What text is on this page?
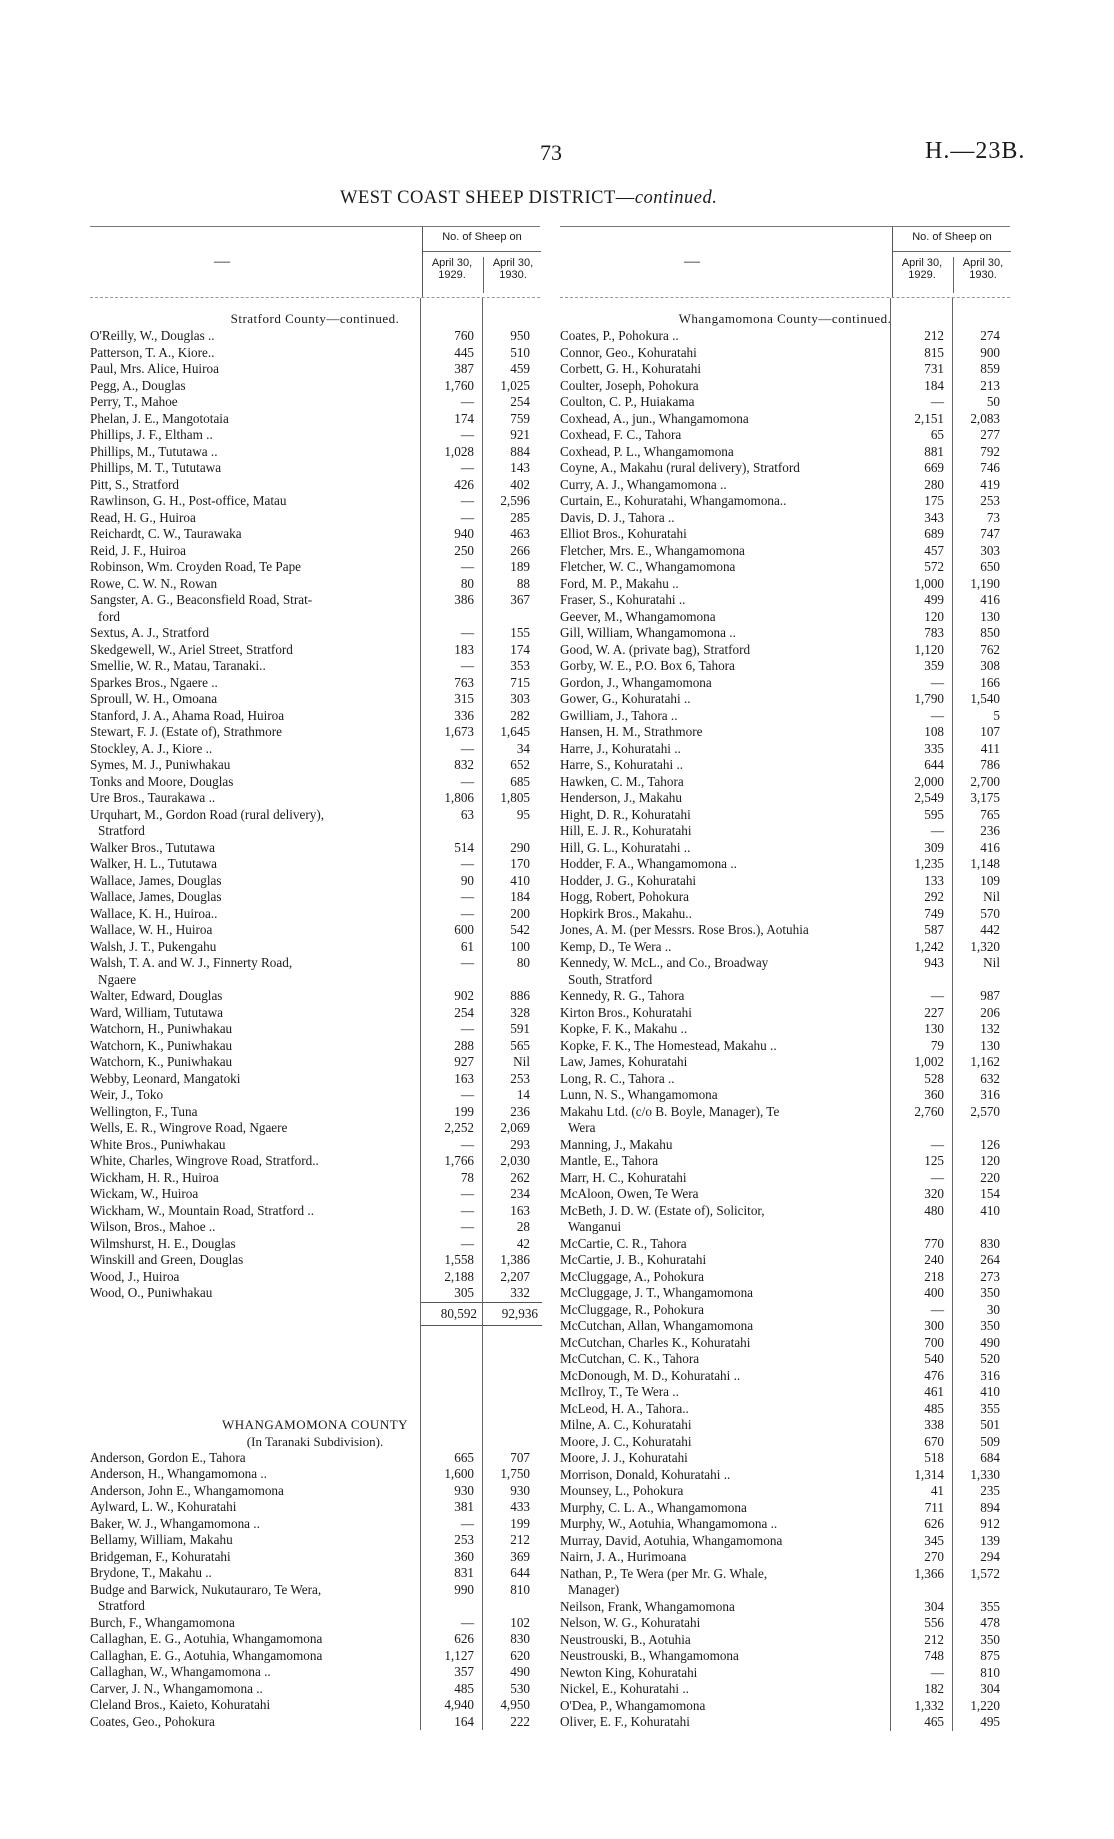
73	H.—23B.
WEST COAST SHEEP DISTRICT—continued.
—
No. of Sheep on
April 30, 1929.
April 30, 1930.
Stratford County—continued.
O'Reilly, W., Douglas ..	760	950
Patterson, T. A., Kiore..	445	510
Paul, Mrs. Alice, Huiroa	387	459
Pegg, A., Douglas	1,760	1,025
Perry, T., Mahoe	—	254
Phelan, J. E., Mangototaia	174	759
Phillips, J. F., Eltham ..	—	921
Phillips, M., Tututawa ..	1,028	884
Phillips, M. T., Tututawa	—	143
Pitt, S., Stratford	426	402
Rawlinson, G. H., Post-office, Matau	—	2,596
Read, H. G., Huiroa	—	285
Reichardt, C. W., Taurawaka	940	463
Reid, J. F., Huiroa	250	266
Robinson, Wm. Croyden Road, Te Pape	—	189
Rowe, C. W. N., Rowan	80	88
Sangster, A. G., Beaconsfield Road, Strat-	386	367
ford
Sextus, A. J., Stratford	—	155
Skedgewell, W., Ariel Street, Stratford	183	174
Smellie, W. R., Matau, Taranaki..	—	353
Sparkes Bros., Ngaere ..	763	715
Sproull, W. H., Omoana	315	303
Stanford, J. A., Ahama Road, Huiroa	336	282
Stewart, F. J. (Estate of), Strathmore	1,673	1,645
Stockley, A. J., Kiore ..	—	34
Symes, M. J., Puniwhakau	832	652
Tonks and Moore, Douglas	—	685
Ure Bros., Taurakawa ..	1,806	1,805
Urquhart, M., Gordon Road (rural delivery),	63	95
Stratford
Walker Bros., Tututawa	514	290
Walker, H. L., Tututawa	—	170
Wallace, James, Douglas	90	410
Wallace, James, Douglas	—	184
Wallace, K. H., Huiroa..	—	200
Wallace, W. H., Huiroa	600	542
Walsh, J. T., Pukengahu	61	100
Walsh, T. A. and W. J., Finnerty Road,	—	80
Ngaere
Walter, Edward, Douglas	902	886
Ward, William, Tututawa	254	328
Watchorn, H., Puniwhakau	—	591
Watchorn, K., Puniwhakau	288	565
Watchorn, K., Puniwhakau	927	Nil
Webby, Leonard, Mangatoki	163	253
Weir, J., Toko	—	14
Wellington, F., Tuna	199	236
Wells, E. R., Wingrove Road, Ngaere	2,252	2,069
White Bros., Puniwhakau	—	293
White, Charles, Wingrove Road, Stratford..	1,766	2,030
Wickham, H. R., Huiroa	78	262
Wickam, W., Huiroa	—	234
Wickham, W., Mountain Road, Stratford ..	—	163
Wilson, Bros., Mahoe ..	—	28
Wilmshurst, H. E., Douglas	—	42
Winskill and Green, Douglas	1,558	1,386
Wood, J., Huiroa	2,188	2,207
Wood, O., Puniwhakau	305	332
80,592	92,936
WHANGAMOMONA COUNTY
(In Taranaki Subdivision).
Anderson, Gordon E., Tahora	665	707
Anderson, H., Whangamomona ..	1,600	1,750
Anderson, John E., Whangamomona	930	930
Aylward, L. W., Kohuratahi	381	433
Baker, W. J., Whangamomona ..	—	199
Bellamy, William, Makahu	253	212
Bridgeman, F., Kohuratahi	360	369
Brydone, T., Makahu ..	831	644
Budge and Barwick, Nukutauraro, Te Wera,	990	810
Stratford
Burch, F., Whangamomona	—	102
Callaghan, E. G., Aotuhia, Whangamomona	626	830
Callaghan, E. G., Aotuhia, Whangamomona	1,127	620
Callaghan, W., Whangamomona ..	357	490
Carver, J. N., Whangamomona ..	485	530
Cleland Bros., Kaieto, Kohuratahi	4,940	4,950
Coates, Geo., Pohokura	164	222
—
No. of Sheep on
April 30, 1929.
April 30, 1930.
Whangamomona County—continued.
Coates, P., Pohokura ..	212	274
Connor, Geo., Kohuratahi	815	900
Corbett, G. H., Kohuratahi	731	859
Coulter, Joseph, Pohokura	184	213
Coulton, C. P., Huiakama	—	50
Coxhead, A., jun., Whangamomona	2,151	2,083
Coxhead, F. C., Tahora	65	277
Coxhead, P. L., Whangamomona	881	792
Coyne, A., Makahu (rural delivery), Stratford	669	746
Curry, A. J., Whangamomona ..	280	419
Curtain, E., Kohuratahi, Whangamomona..	175	253
Davis, D. J., Tahora ..	343	73
Elliot Bros., Kohuratahi	689	747
Fletcher, Mrs. E., Whangamomona	457	303
Fletcher, W. C., Whangamomona	572	650
Ford, M. P., Makahu ..	1,000	1,190
Fraser, S., Kohuratahi ..	499	416
Geever, M., Whangamomona	120	130
Gill, William, Whangamomona ..	783	850
Good, W. A. (private bag), Stratford	1,120	762
Gorby, W. E., P.O. Box 6, Tahora	359	308
Gordon, J., Whangamomona	—	166
Gower, G., Kohuratahi ..	1,790	1,540
Gwilliam, J., Tahora ..	—	5
Hansen, H. M., Strathmore	108	107
Harre, J., Kohuratahi ..	335	411
Harre, S., Kohuratahi ..	644	786
Hawken, C. M., Tahora	2,000	2,700
Henderson, J., Makahu	2,549	3,175
Hight, D. R., Kohuratahi	595	765
Hill, E. J. R., Kohuratahi	—	236
Hill, G. L., Kohuratahi ..	309	416
Hodder, F. A., Whangamomona ..	1,235	1,148
Hodder, J. G., Kohuratahi	133	109
Hogg, Robert, Pohokura	292	Nil
Hopkirk Bros., Makahu..	749	570
Jones, A. M. (per Messrs. Rose Bros.), Aotuhia	587	442
Kemp, D., Te Wera ..	1,242	1,320
Kennedy, W. McL., and Co., Broadway	943	Nil
South, Stratford
Kennedy, R. G., Tahora	—	987
Kirton Bros., Kohuratahi	227	206
Kopke, F. K., Makahu ..	130	132
Kopke, F. K., The Homestead, Makahu ..	79	130
Law, James, Kohuratahi	1,002	1,162
Long, R. C., Tahora ..	528	632
Lunn, N. S., Whangamomona	360	316
Makahu Ltd. (c/o B. Boyle, Manager), Te	2,760	2,570
Wera
Manning, J., Makahu	—	126
Mantle, E., Tahora	125	120
Marr, H. C., Kohuratahi	—	220
McAloon, Owen, Te Wera	320	154
McBeth, J. D. W. (Estate of), Solicitor,	480	410
Wanganui
McCartie, C. R., Tahora	770	830
McCartie, J. B., Kohuratahi	240	264
McCluggage, A., Pohokura	218	273
McCluggage, J. T., Whangamomona	400	350
McCluggage, R., Pohokura	—	30
McCutchan, Allan, Whangamomona	300	350
McCutchan, Charles K., Kohuratahi	700	490
McCutchan, C. K., Tahora	540	520
McDonough, M. D., Kohuratahi ..	476	316
McIlroy, T., Te Wera ..	461	410
McLeod, H. A., Tahora..	485	355
Milne, A. C., Kohuratahi	338	501
Moore, J. C., Kohuratahi	670	509
Moore, J. J., Kohuratahi	518	684
Morrison, Donald, Kohuratahi ..	1,314	1,330
Mounsey, L., Pohokura	41	235
Murphy, C. L. A., Whangamomona	711	894
Murphy, W., Aotuhia, Whangamomona ..	626	912
Murray, David, Aotuhia, Whangamomona	345	139
Nairn, J. A., Hurimoana	270	294
Nathan, P., Te Wera (per Mr. G. Whale,	1,366	1,572
Manager)
Neilson, Frank, Whangamomona	304	355
Nelson, W. G., Kohuratahi	556	478
Neustrouski, B., Aotuhia	212	350
Neustrouski, B., Whangamomona	748	875
Newton King, Kohuratahi	—	810
Nickel, E., Kohuratahi ..	182	304
O'Dea, P., Whangamomona	1,332	1,220
Oliver, E. F., Kohuratahi	465	495
